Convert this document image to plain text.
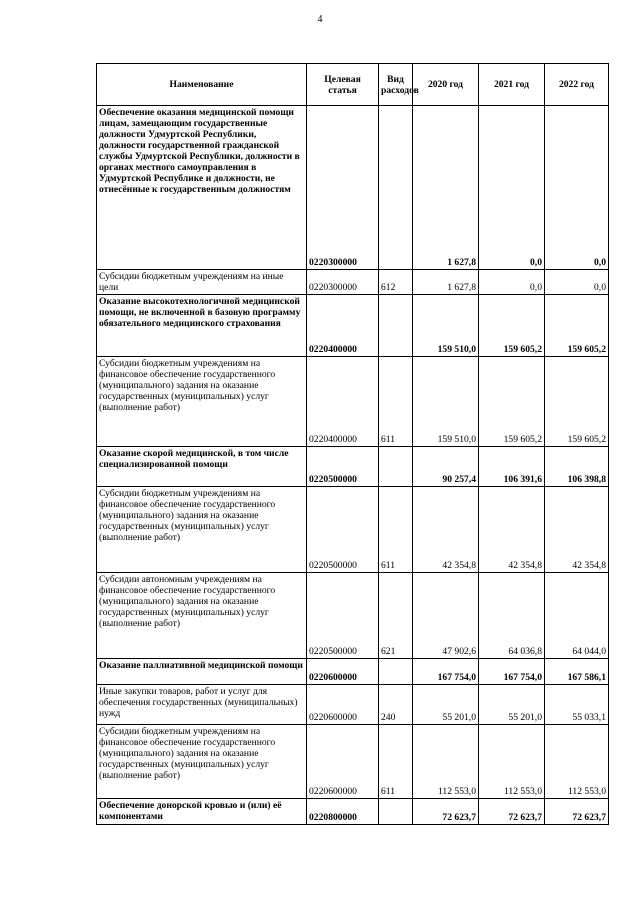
4
Наименование	Целевая статья	Вид расходов	2020 год	2021 год	2022 год
Обеспечение оказания медицинской помощи лицам, замещающим государственные должности Удмуртской Республики, должности государственной гражданской службы Удмуртской Республики, должности в органах местного самоуправления в Удмуртской Республике и должности, не отнесённые к государственным должностям	0220300000		1 627,8	0,0	0,0
Субсидии бюджетным учреждениям на иные цели	0220300000	612	1 627,8	0,0	0,0
Оказание высокотехнологичной медицинской помощи, не включенной в базовую программу обязательного медицинского страхования	0220400000		159 510,0	159 605,2	159 605,2
Субсидии бюджетным учреждениям на финансовое обеспечение государственного (муниципального) задания на оказание государственных (муниципальных) услуг (выполнение работ)	0220400000	611	159 510,0	159 605,2	159 605,2
Оказание скорой медицинской, в том числе специализированной помощи	0220500000		90 257,4	106 391,6	106 398,8
Субсидии бюджетным учреждениям на финансовое обеспечение государственного (муниципального) задания на оказание государственных (муниципальных) услуг (выполнение работ)	0220500000	611	42 354,8	42 354,8	42 354,8
Субсидии автономным учреждениям на финансовое обеспечение государственного (муниципального) задания на оказание государственных (муниципальных) услуг (выполнение работ)	0220500000	621	47 902,6	64 036,8	64 044,0
Оказание паллиативной медицинской помощи	0220600000		167 754,0	167 754,0	167 586,1
Иные закупки товаров, работ и услуг для обеспечения государственных (муниципальных) нужд	0220600000	240	55 201,0	55 201,0	55 033,1
Субсидии бюджетным учреждениям на финансовое обеспечение государственного (муниципального) задания на оказание государственных (муниципальных) услуг (выполнение работ)	0220600000	611	112 553,0	112 553,0	112 553,0
Обеспечение донорской кровью и (или) её компонентами	0220800000		72 623,7	72 623,7	72 623,7
